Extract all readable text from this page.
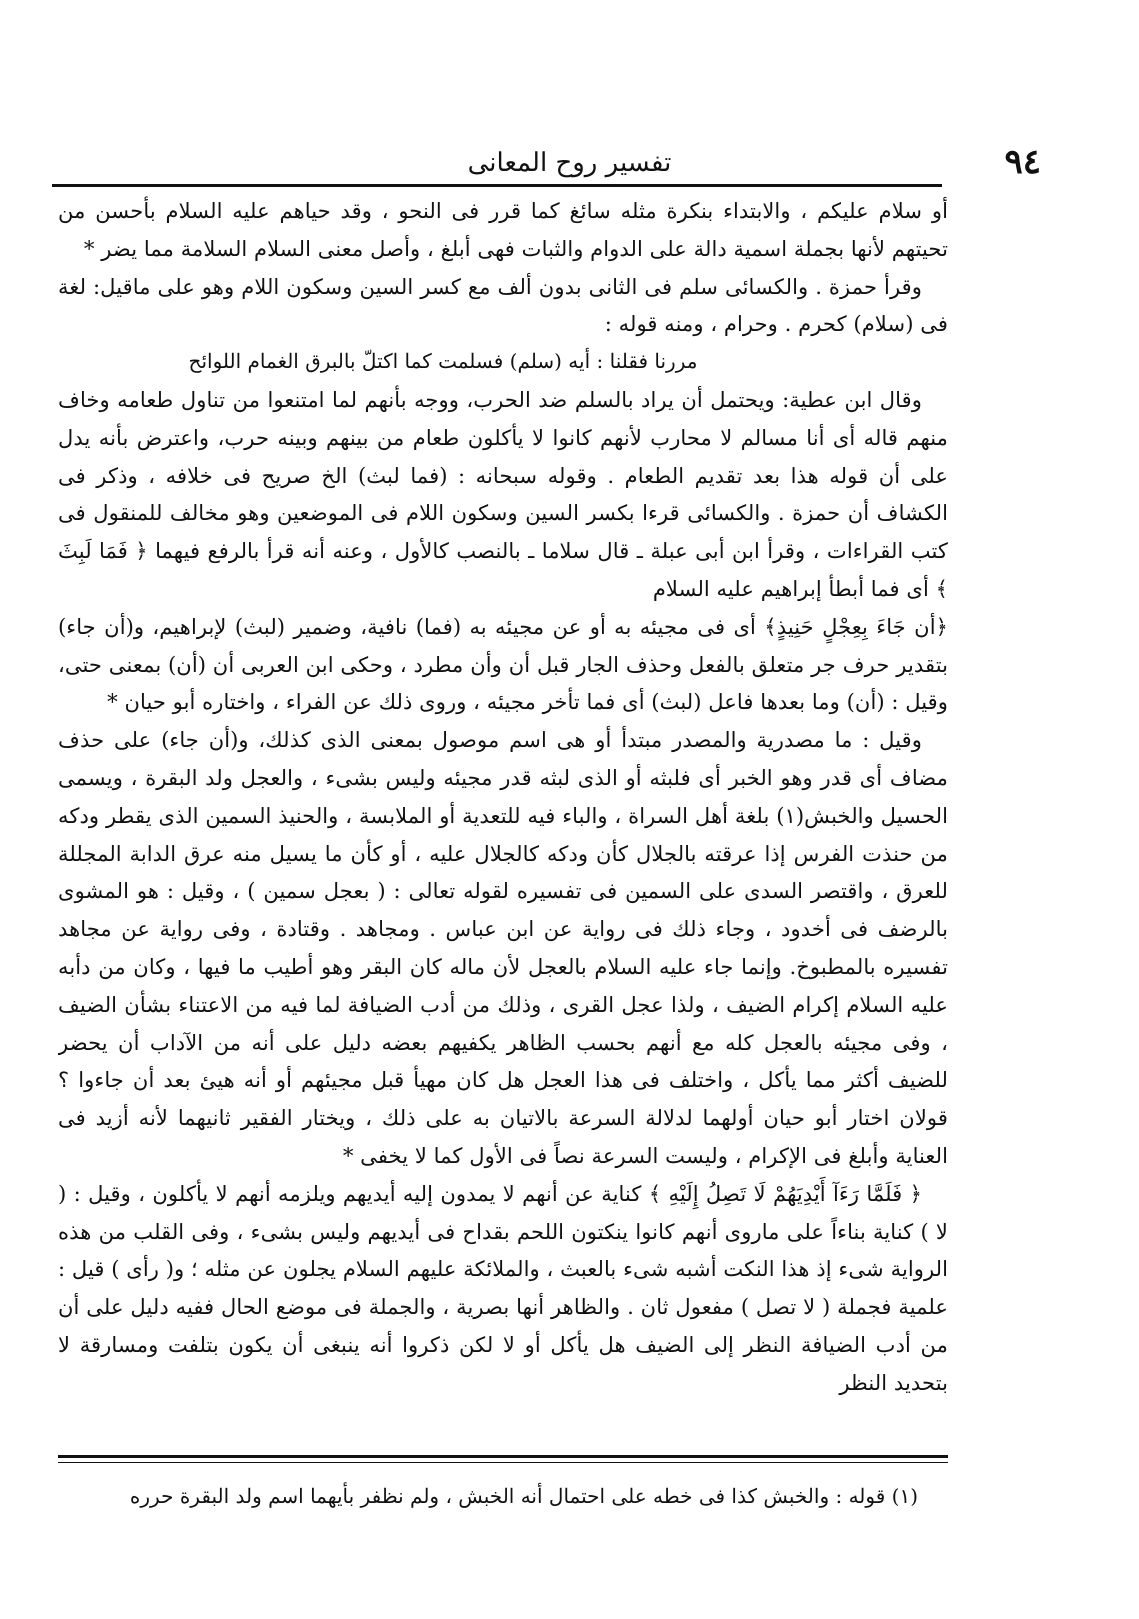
٩٤
تفسير روح المعانى

أو سلام عليكم ، والابتداء بنكرة مثله سائغ كما قرر فى النحو ، وقد حياهم عليه السلام بأحسن من تحيتهم لأنها بجملة اسمية دالة على الدوام والثبات فهى أبلغ ، وأصل معنى السلام السلامة مما يضر *

وقرأ حمزة . والكسائى سلم فى الثانى بدون ألف مع كسر السين وسكون اللام وهو على ماقيل: لغة فى (سلام) كحرم . وحرام ، ومنه قوله :

مررنا فقلنا : أيه (سلم) فسلمت كما اكتلّ بالبرق الغمام اللوائح

وقال ابن عطية: ويحتمل أن يراد بالسلم ضد الحرب، ووجه بأنهم لما امتنعوا من تناول طعامه وخاف منهم قاله أى أنا مسالم لا محارب لأنهم كانوا لا يأكلون طعام من بينهم وبينه حرب، واعترض بأنه يدل على أن قوله هذا بعد تقديم الطعام . وقوله سبحانه : (فما لبث) الخ صريح فى خلافه ، وذكر فى الكشاف أن حمزة . والكسائى قرءا بكسر السين وسكون اللام فى الموضعين وهو مخالف للمنقول فى كتب القراءات ، وقرأ ابن أبى عبلة ـ قال سلاما ـ بالنصب كالأول ، وعنه أنه قرأ بالرفع فيهما ﴿ فَمَا لَبِثَ ﴾ أى فما أبطأ إبراهيم عليه السلام

﴿أن جَاءَ بِعِجْلٍ حَنِيذٍ﴾ أى فى مجيئه به أو عن مجيئه به (فما) نافية، وضمير (لبث) لإبراهيم، و(أن جاء) بتقدير حرف جر متعلق بالفعل وحذف الجار قبل أن وأن مطرد ، وحكى ابن العربى أن (أن) بمعنى حتى، وقيل : (أن) وما بعدها فاعل (لبث) أى فما تأخر مجيئه ، وروى ذلك عن الفراء ، واختاره أبو حيان *

وقيل : ما مصدرية والمصدر مبتدأ أو هى اسم موصول بمعنى الذى كذلك، و(أن جاء) على حذف مضاف أى قدر وهو الخبر أى فلبثه أو الذى لبثه قدر مجيئه وليس بشىء ، والعجل ولد البقرة ، ويسمى الحسيل والخبش(١) بلغة أهل السراة ، والباء فيه للتعدية أو الملابسة ، والحنيذ السمين الذى يقطر ودكه من حنذت الفرس إذا عرقته بالجلال كأن ودكه كالجلال عليه ، أو كأن ما يسيل منه عرق الدابة المجللة للعرق ، واقتصر السدى على السمين فى تفسيره لقوله تعالى : ( بعجل سمين ) ، وقيل : هو المشوى بالرضف فى أخدود ، وجاء ذلك فى رواية عن ابن عباس . ومجاهد . وقتادة ، وفى رواية عن مجاهد تفسيره بالمطبوخ. وإنما جاء عليه السلام بالعجل لأن ماله كان البقر وهو أطيب ما فيها ، وكان من دأبه عليه السلام إكرام الضيف ، ولذا عجل القرى ، وذلك من أدب الضيافة لما فيه من الاعتناء بشأن الضيف ، وفى مجيئه بالعجل كله مع أنهم بحسب الظاهر يكفيهم بعضه دليل على أنه من الآداب أن يحضر للضيف أكثر مما يأكل ، واختلف فى هذا العجل هل كان مهيأ قبل مجيئهم أو أنه هيئ بعد أن جاءوا ؟ قولان اختار أبو حيان أولهما لدلالة السرعة بالاتيان به على ذلك ، ويختار الفقير ثانيهما لأنه أزيد فى العناية وأبلغ فى الإكرام ، وليست السرعة نصاً فى الأول كما لا يخفى *

﴿ فَلَمَّا رَءَآ أَيْدِيَهُمْ لَا تَصِلُ إِلَيْهِ ﴾ كناية عن أنهم لا يمدون إليه أيديهم ويلزمه أنهم لا يأكلون ، وقيل : ( لا ) كناية بناءاً على ماروى أنهم كانوا ينكتون اللحم بقداح فى أيديهم وليس بشىء ، وفى القلب من هذه الرواية شىء إذ هذا النكت أشبه شىء بالعبث ، والملائكة عليهم السلام يجلون عن مثله ؛ و( رأى ) قيل : علمية فجملة ( لا تصل ) مفعول ثان . والظاهر أنها بصرية ، والجملة فى موضع الحال ففيه دليل على أن من أدب الضيافة النظر إلى الضيف هل يأكل أو لا لكن ذكروا أنه ينبغى أن يكون بتلفت ومسارقة لا بتحديد النظر

(١) قوله : والخبش كذا فى خطه على احتمال أنه الخبش ، ولم نظفر بأيهما اسم ولد البقرة حرره
